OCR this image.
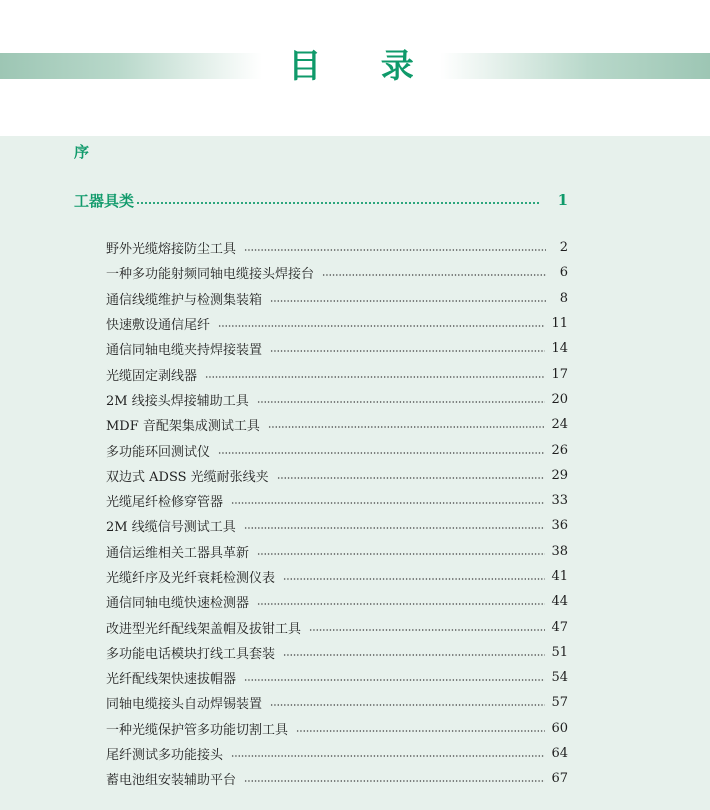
目 录
序
工器具类	1
野外光缆熔接防尘工具	2
一种多功能射频同轴电缆接头焊接台	6
通信线缆维护与检测集装箱	8
快速敷设通信尾纤	11
通信同轴电缆夹持焊接装置	14
光缆固定剥线器	17
2M 线接头焊接辅助工具	20
MDF 音配架集成测试工具	24
多功能环回测试仪	26
双边式 ADSS 光缆耐张线夹	29
光缆尾纤检修穿管器	33
2M 线缆信号测试工具	36
通信运维相关工器具革新	38
光缆纤序及光纤衰耗检测仪表	41
通信同轴电缆快速检测器	44
改进型光纤配线架盖帽及拔钳工具	47
多功能电话模块打线工具套装	51
光纤配线架快速拔帽器	54
同轴电缆接头自动焊锡装置	57
一种光缆保护管多功能切割工具	60
尾纤测试多功能接头	64
蓄电池组安装辅助平台	67
